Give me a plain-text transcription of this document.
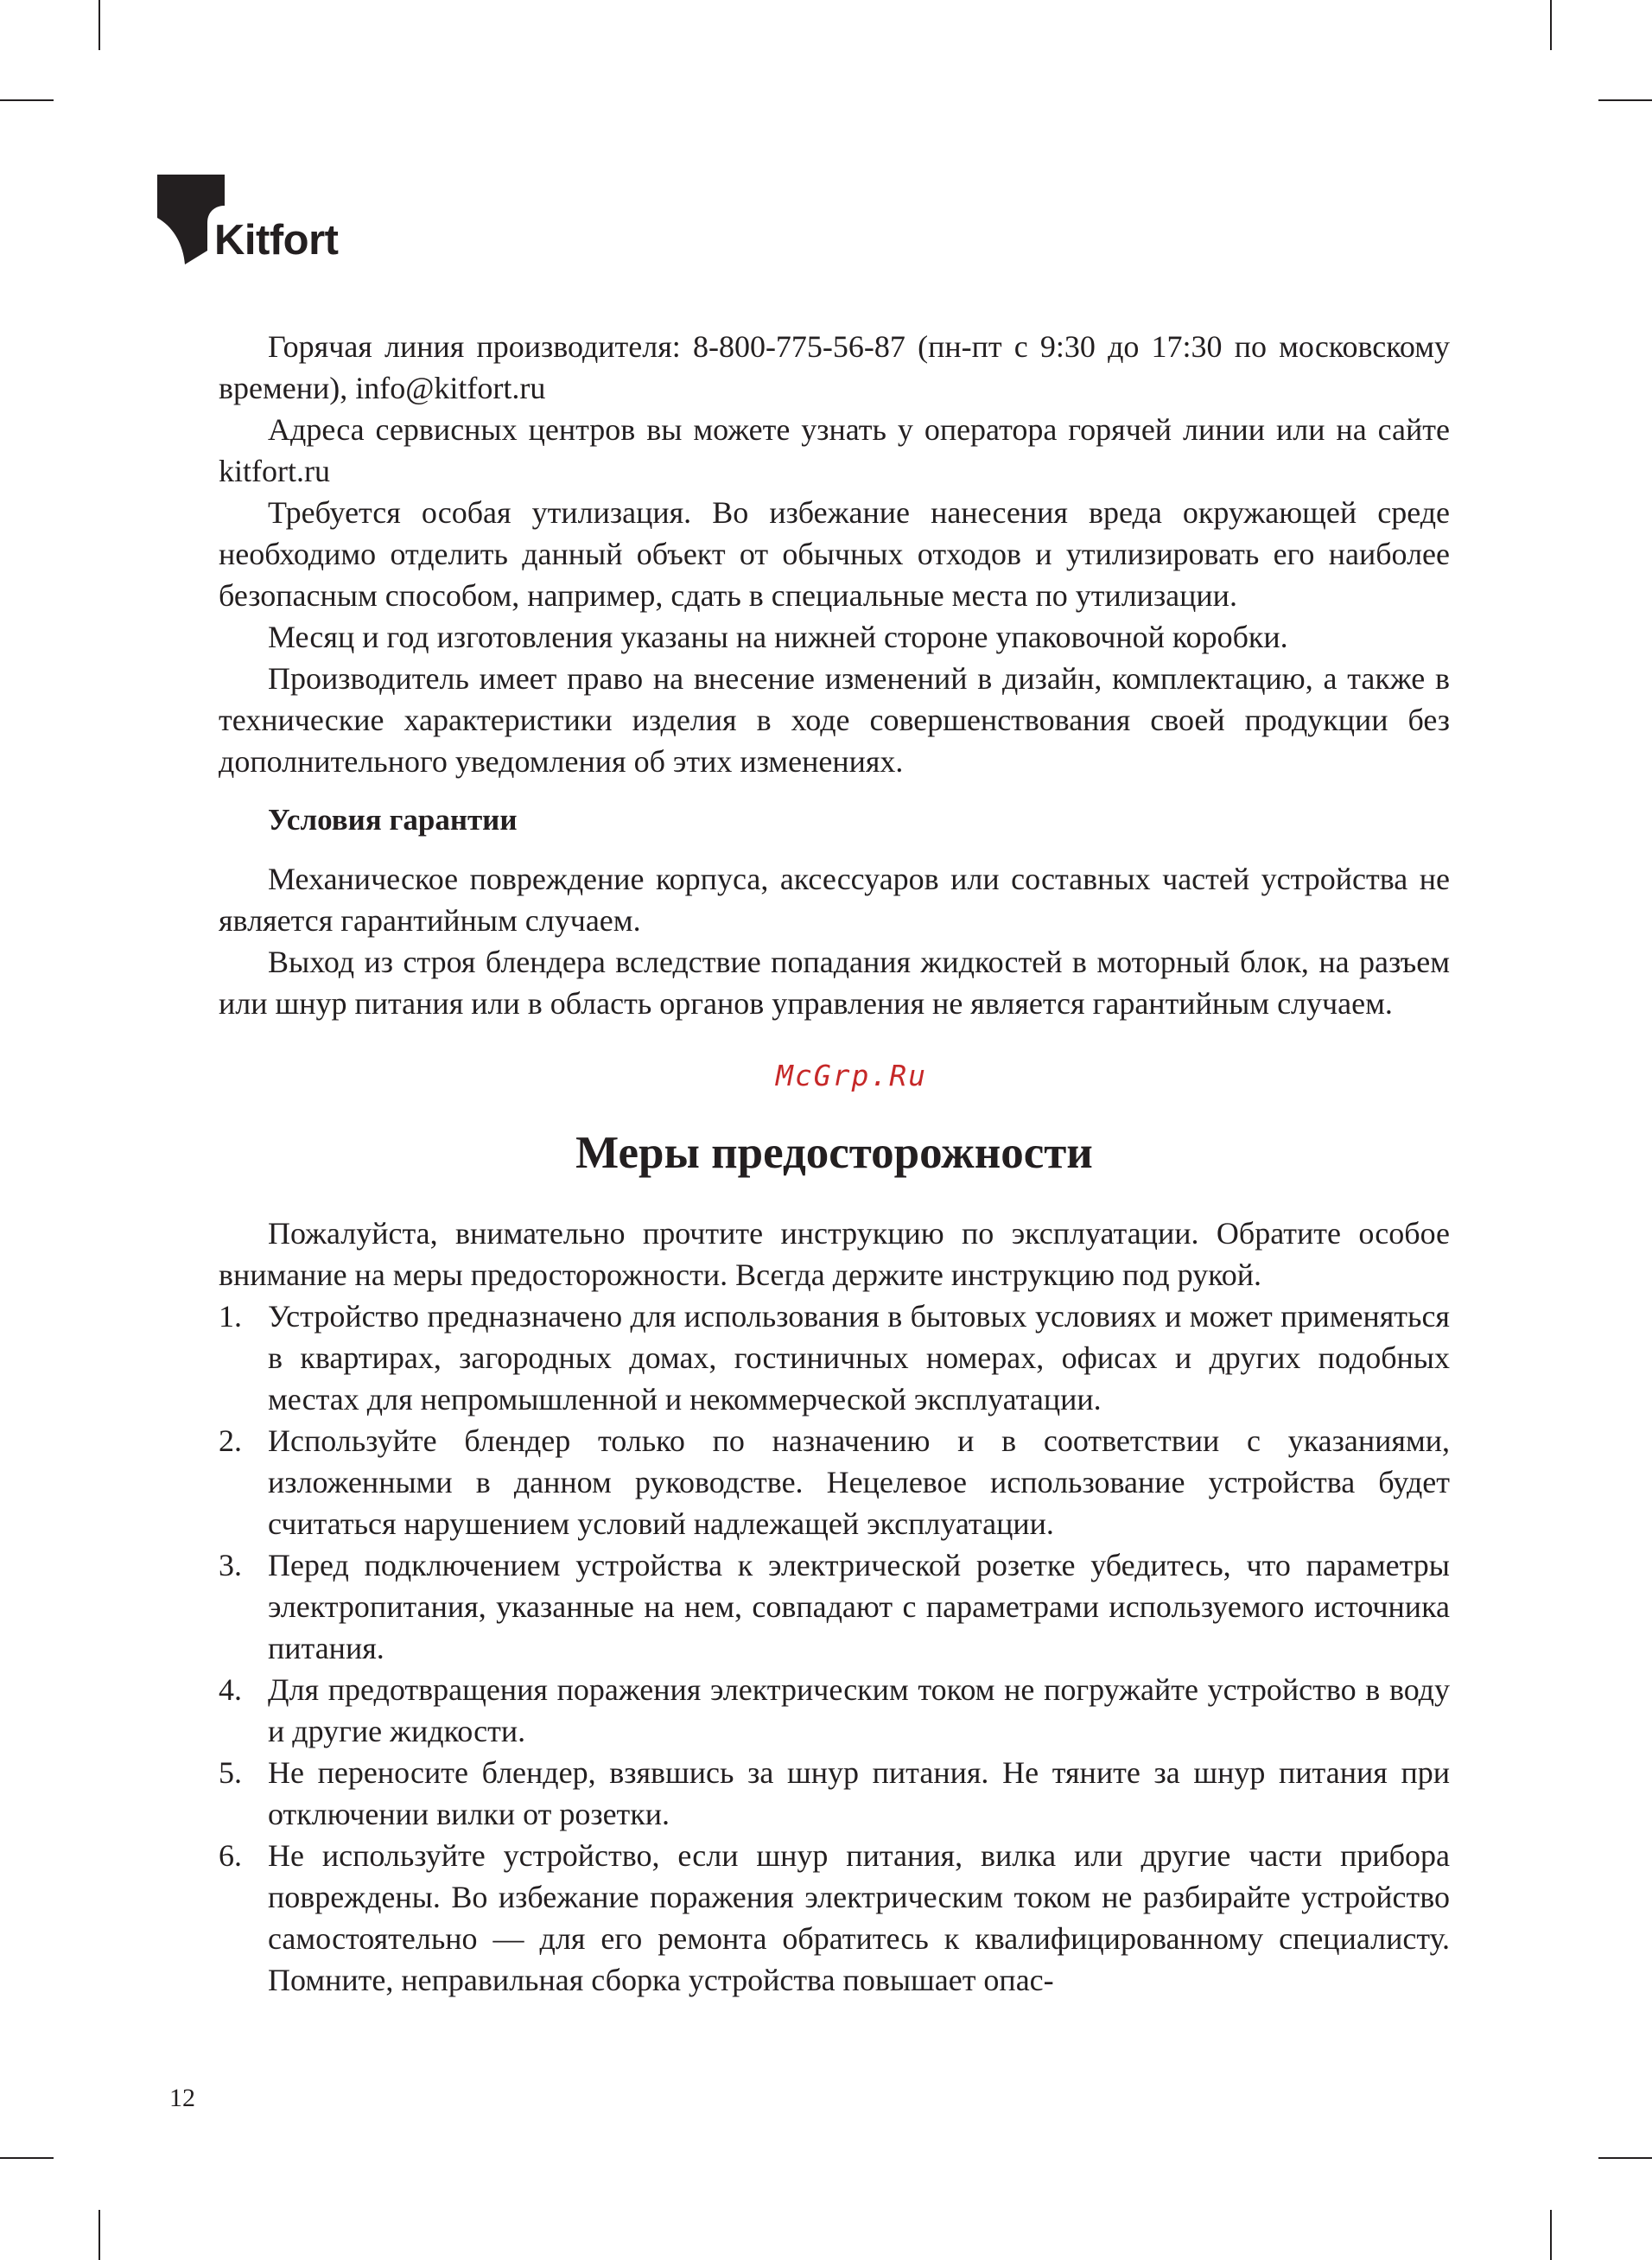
Kitfort

Горячая линия производителя: 8-800-775-56-87 (пн-пт с 9:30 до 17:30 по московскому времени), info@kitfort.ru

Адреса сервисных центров вы можете узнать у оператора горячей линии или на сайте kitfort.ru

Требуется особая утилизация. Во избежание нанесения вреда окружающей среде необходимо отделить данный объект от обычных отходов и утилизировать его наиболее безопасным способом, например, сдать в специальные места по утилизации.

Месяц и год изготовления указаны на нижней стороне упаковочной коробки.

Производитель имеет право на внесение изменений в дизайн, комплектацию, а также в технические характеристики изделия в ходе совершенствования своей продукции без дополнительного уведомления об этих изменениях.

Условия гарантии

Механическое повреждение корпуса, аксессуаров или составных частей устройства не является гарантийным случаем.

Выход из строя блендера вследствие попадания жидкостей в моторный блок, на разъем или шнур питания или в область органов управления не является гарантийным случаем.

McGrp.Ru
Меры предосторожности

Пожалуйста, внимательно прочтите инструкцию по эксплуатации. Обратите особое внимание на меры предосторожности. Всегда держите инструкцию под рукой.

1. Устройство предназначено для использования в бытовых условиях и может применяться в квартирах, загородных домах, гостиничных номерах, офисах и других подобных местах для непромышленной и некоммерческой эксплуатации.
2. Используйте блендер только по назначению и в соответствии с указаниями, изложенными в данном руководстве. Нецелевое использование устройства будет считаться нарушением условий надлежащей эксплуатации.
3. Перед подключением устройства к электрической розетке убедитесь, что параметры электропитания, указанные на нем, совпадают с параметрами используемого источника питания.
4. Для предотвращения поражения электрическим током не погружайте устройство в воду и другие жидкости.
5. Не переносите блендер, взявшись за шнур питания. Не тяните за шнур питания при отключении вилки от розетки.
6. Не используйте устройство, если шнур питания, вилка или другие части прибора повреждены. Во избежание поражения электрическим током не разбирайте устройство самостоятельно — для его ремонта обратитесь к квалифицированному специалисту. Помните, неправильная сборка устройства повышает опас-
12
